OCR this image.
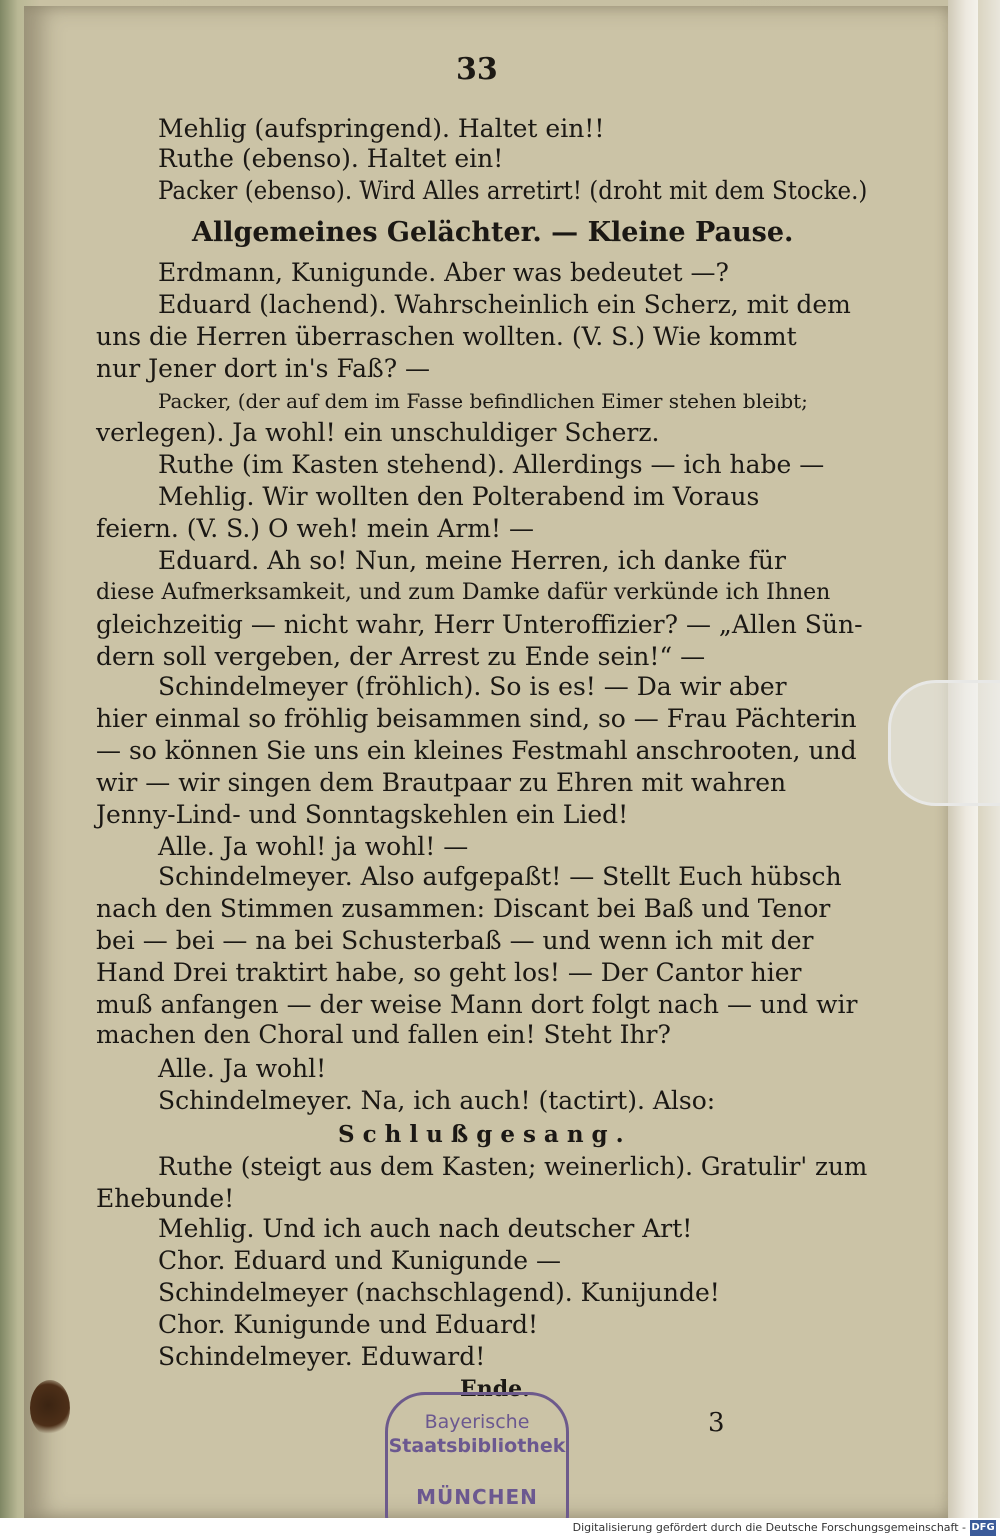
33
Mehlig (aufspringend). Haltet ein!!
Ruthe (ebenso). Haltet ein!
Packer (ebenso). Wird Alles arretirt! (droht mit dem Stocke.)
Allgemeines Gelächter. — Kleine Pause.
Erdmann, Kunigunde. Aber was bedeutet —?
Eduard (lachend). Wahrscheinlich ein Scherz, mit dem
uns die Herren überraschen wollten. (V. S.) Wie kommt
nur Jener dort in's Faß? —
Packer, (der auf dem im Fasse befindlichen Eimer stehen bleibt;
verlegen). Ja wohl! ein unschuldiger Scherz.
Ruthe (im Kasten stehend). Allerdings — ich habe —
Mehlig. Wir wollten den Polterabend im Voraus
feiern. (V. S.) O weh! mein Arm! —
Eduard. Ah so! Nun, meine Herren, ich danke für
diese Aufmerksamkeit, und zum Damke dafür verkünde ich Ihnen
gleichzeitig — nicht wahr, Herr Unteroffizier? — „Allen Sün-
dern soll vergeben, der Arrest zu Ende sein!“ —
Schindelmeyer (fröhlich). So is es! — Da wir aber
hier einmal so fröhlig beisammen sind, so — Frau Pächterin
— so können Sie uns ein kleines Festmahl anschrooten, und
wir — wir singen dem Brautpaar zu Ehren mit wahren
Jenny-Lind- und Sonntagskehlen ein Lied!
Alle. Ja wohl! ja wohl! —
Schindelmeyer. Also aufgepaßt! — Stellt Euch hübsch
nach den Stimmen zusammen: Discant bei Baß und Tenor
bei — bei — na bei Schusterbaß — und wenn ich mit der
Hand Drei traktirt habe, so geht los! — Der Cantor hier
muß anfangen — der weise Mann dort folgt nach — und wir
machen den Choral und fallen ein! Steht Ihr?
Alle. Ja wohl!
Schindelmeyer. Na, ich auch! (tactirt). Also:
Schlußgesang.
Ruthe (steigt aus dem Kasten; weinerlich). Gratulir' zum
Ehebunde!
Mehlig. Und ich auch nach deutscher Art!
Chor. Eduard und Kunigunde —
Schindelmeyer (nachschlagend). Kunijunde!
Chor. Kunigunde und Eduard!
Schindelmeyer. Eduward!
Ende.
Bayerische
Staatsbibliothek
MÜNCHEN
3
Digitalisierung gefördert durch die Deutsche Forschungsgemeinschaft - DFG
